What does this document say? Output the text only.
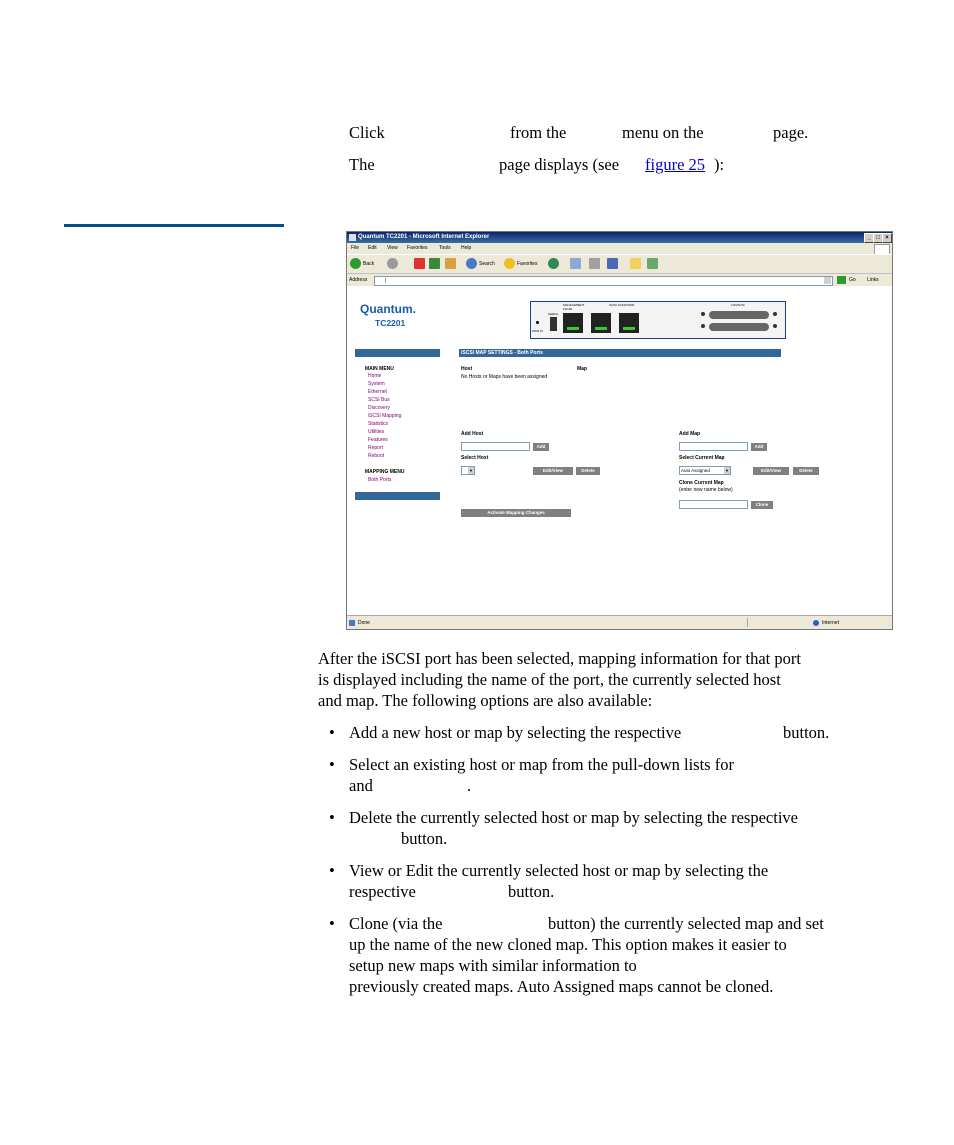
Click	from the	menu on the	page.
The	page displays (see figure 25 ):
Quantum TC2201 - Microsoft Internet Explorer	_ □ ×
File Edit View Favorites Tools Help
Back	Search	Favorites
Address	|	Go Links
Quantum.
TC2201
PWR IO
SERIAL
MANAGEMENT 10/100
ISCSI 10/100/1000	LVD/SCSI
MAIN MENU
Home
System
Ethernet
SCSI Bus
Discovery
iSCSI Mapping
Statistics
Utilities
Features
Report
Reboot
MAPPING MENU
Both Ports
iSCSI MAP SETTINGS - Both Ports
Host	Map
No Hosts or Maps have been assigned
Add Host
Add
Select Host
▼	Edit/View	Delete
Activate Mapping Changes
Add Map
Add
Select Current Map
Auto Assigned	▼	Edit/View	Delete
Clone Current Map
(enter new name below)
Clone
Done	Internet
After the iSCSI port has been selected, mapping information for that port
is displayed including the name of the port, the currently selected host
and map. The following options are also available:
• Add a new host or map by selecting the respective	button.
• Select an existing host or map from the pull-down lists for
and	.
• Delete the currently selected host or map by selecting the respective
button.
• View or Edit the currently selected host or map by selecting the
respective	button.
• Clone (via the	button) the currently selected map and set
up the name of the new cloned map. This option makes it easier to
setup new maps with similar information to
previously created maps. Auto Assigned maps cannot be cloned.
